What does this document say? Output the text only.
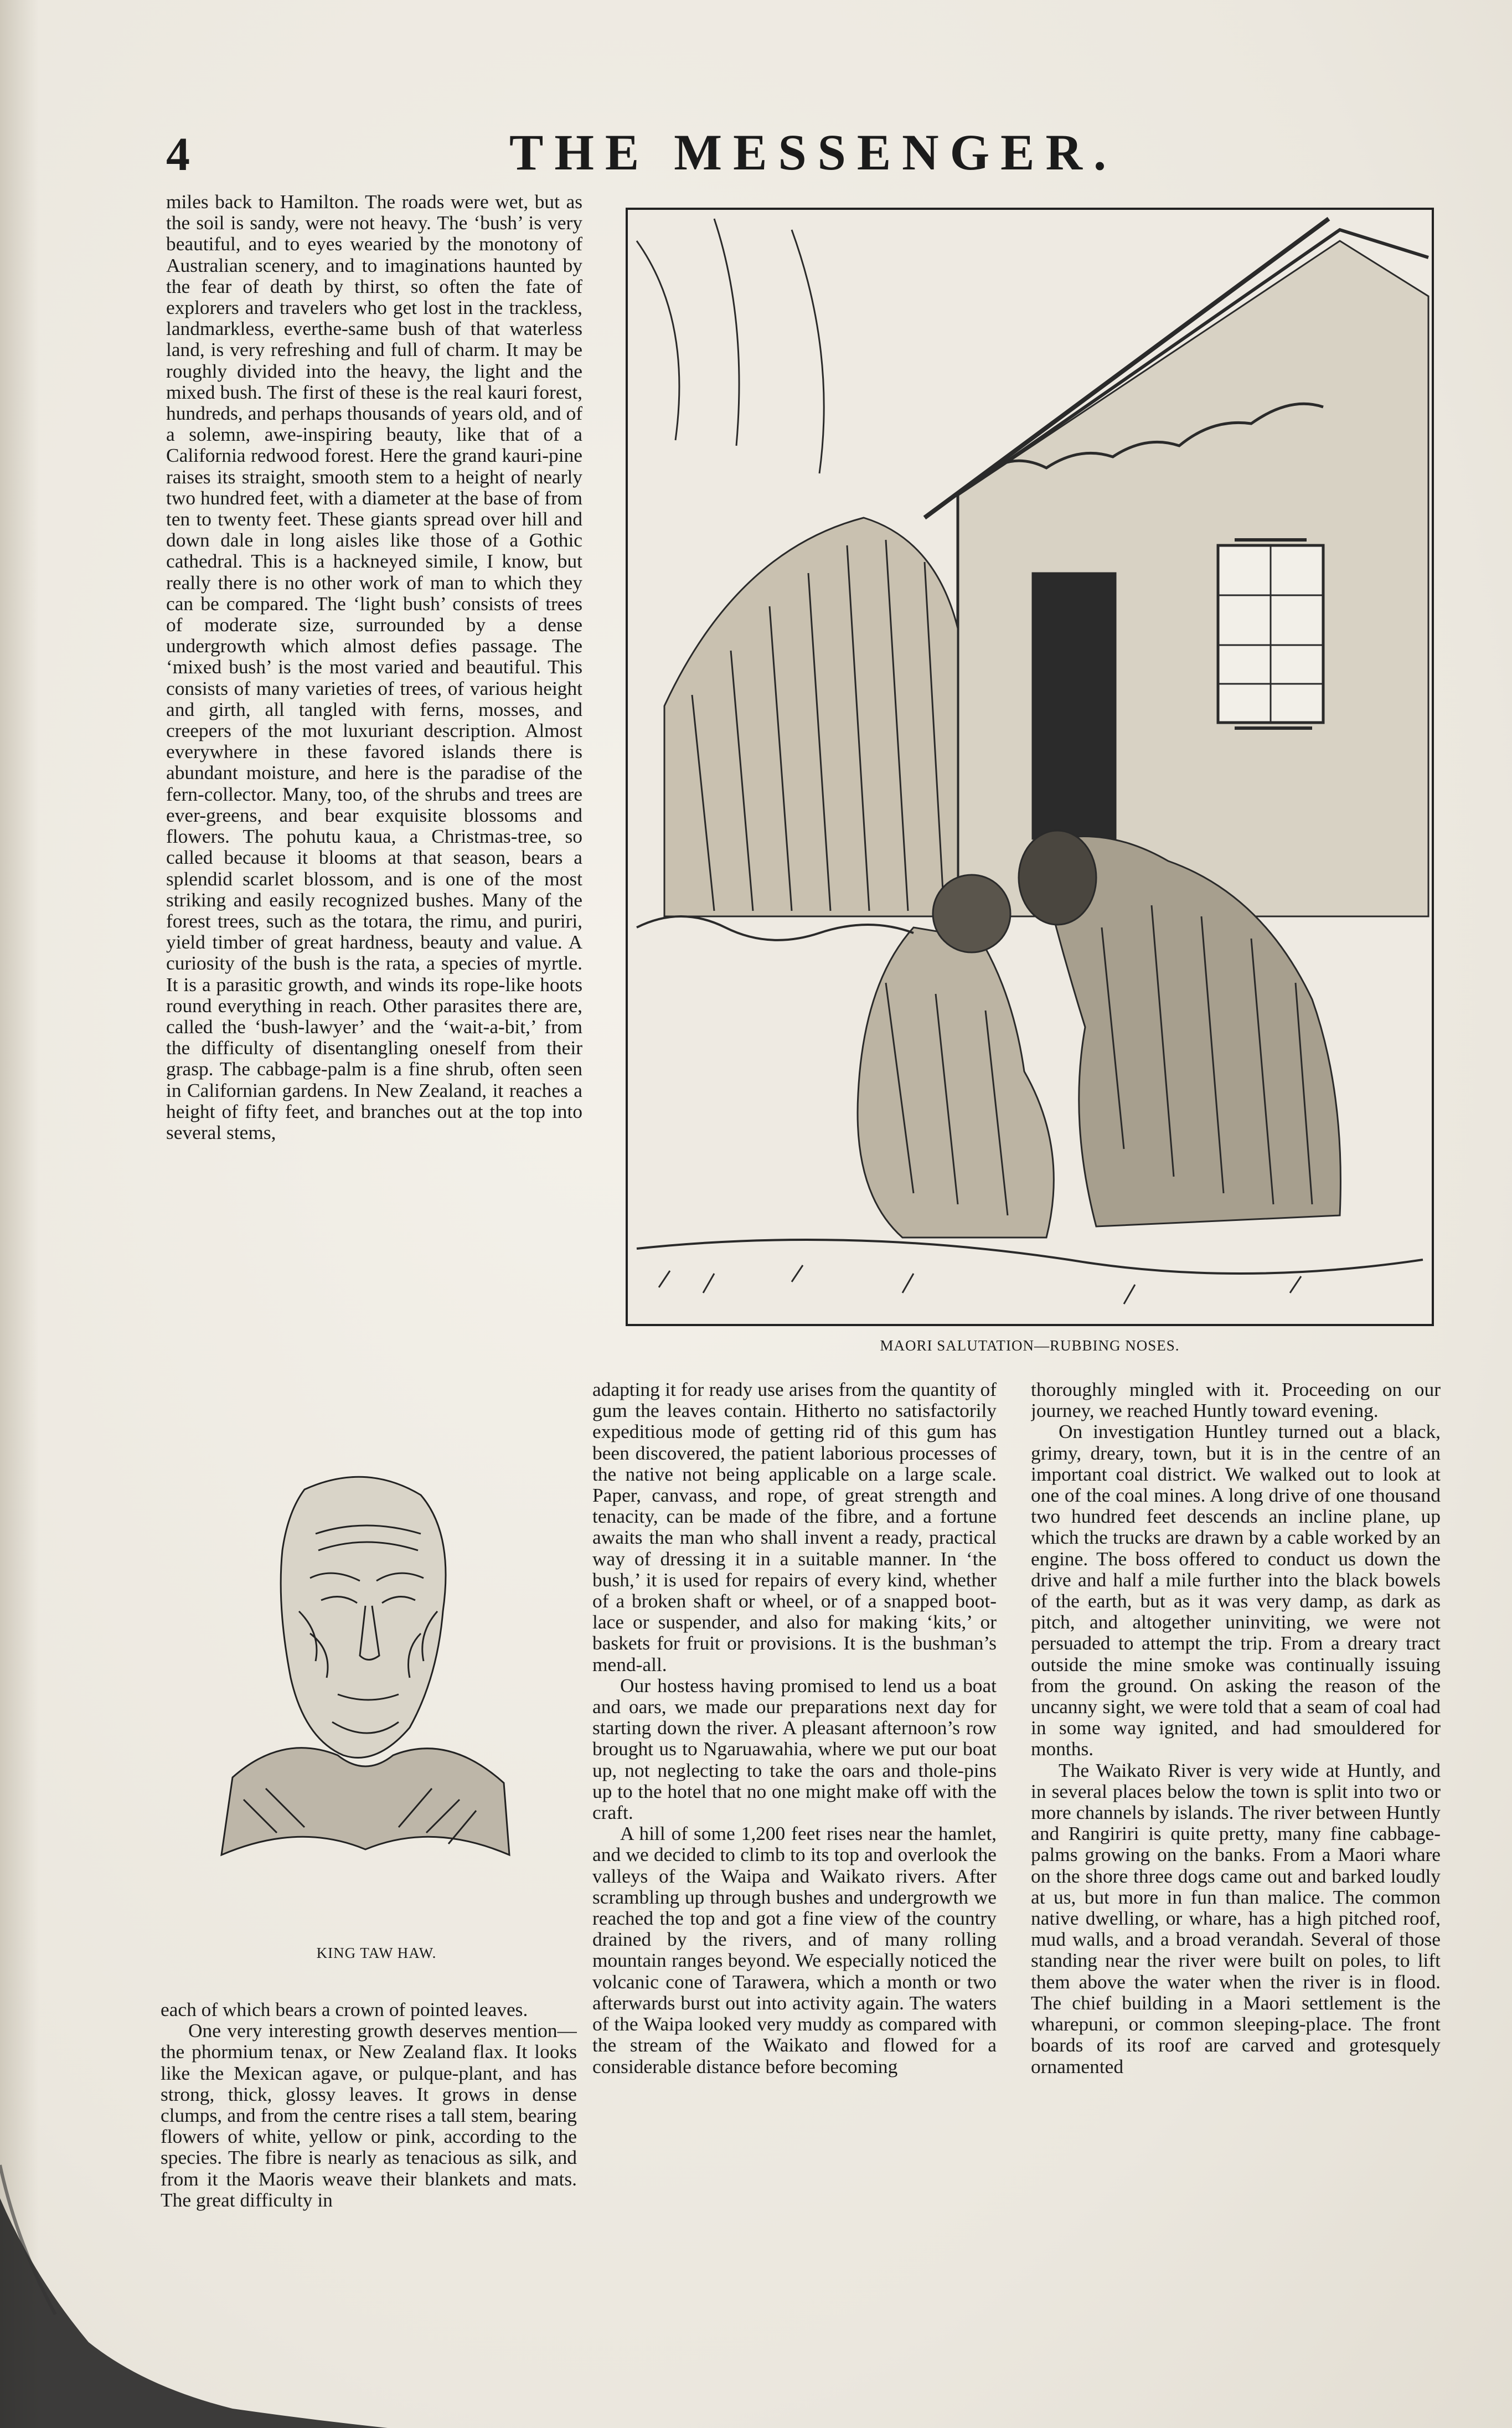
4	THE MESSENGER.

miles back to Hamilton. The roads were wet, but as the soil is sandy, were not heavy. The ‘bush’ is very beautiful, and to eyes wearied by the monotony of Australian scenery, and to imaginations haunted by the fear of death by thirst, so often the fate of explorers and travelers who get lost in the trackless, landmarkless, everthe-same bush of that waterless land, is very refreshing and full of charm. It may be roughly divided into the heavy, the light and the mixed bush. The first of these is the real kauri forest, hundreds, and perhaps thousands of years old, and of a solemn, awe-inspiring beauty, like that of a California redwood forest. Here the grand kauri-pine raises its straight, smooth stem to a height of nearly two hundred feet, with a diameter at the base of from ten to twenty feet. These giants spread over hill and down dale in long aisles like those of a Gothic cathedral. This is a hackneyed simile, I know, but really there is no other work of man to which they can be compared. The ‘light bush’ consists of trees of moderate size, surrounded by a dense undergrowth which almost defies passage. The ‘mixed bush’ is the most varied and beautiful. This consists of many varieties of trees, of various height and girth, all tangled with ferns, mosses, and creepers of the mot luxuriant description. Almost everywhere in these favored islands there is abundant moisture, and here is the paradise of the fern-collector. Many, too, of the shrubs and trees are ever-greens, and bear exquisite blossoms and flowers. The pohutu kaua, a Christmas-tree, so called because it blooms at that season, bears a splendid scarlet blossom, and is one of the most striking and easily recognized bushes. Many of the forest trees, such as the totara, the rimu, and puriri, yield timber of great hardness, beauty and value. A curiosity of the bush is the rata, a species of myrtle. It is a parasitic growth, and winds its rope-like hoots round everything in reach. Other parasites there are, called the ‘bush-lawyer’ and the ‘wait-a-bit,’ from the difficulty of disentangling oneself from their grasp. The cabbage-palm is a fine shrub, often seen in Californian gardens. In New Zealand, it reaches a height of fifty feet, and branches out at the top into several stems,

KING TAW HAW.

each of which bears a crown of pointed leaves.

One very interesting growth deserves mention—the phormium tenax, or New Zealand flax. It looks like the Mexican agave, or pulque-plant, and has strong, thick, glossy leaves. It grows in dense clumps, and from the centre rises a tall stem, bearing flowers of white, yellow or pink, according to the species. The fibre is nearly as tenacious as silk, and from it the Maoris weave their blankets and mats. The great difficulty in

MAORI SALUTATION—RUBBING NOSES.

adapting it for ready use arises from the quantity of gum the leaves contain. Hitherto no satisfactorily expeditious mode of getting rid of this gum has been discovered, the patient laborious processes of the native not being applicable on a large scale. Paper, canvass, and rope, of great strength and tenacity, can be made of the fibre, and a fortune awaits the man who shall invent a ready, practical way of dressing it in a suitable manner. In ‘the bush,’ it is used for repairs of every kind, whether of a broken shaft or wheel, or of a snapped boot-lace or suspender, and also for making ‘kits,’ or baskets for fruit or provisions. It is the bushman’s mend-all.

Our hostess having promised to lend us a boat and oars, we made our preparations next day for starting down the river. A pleasant afternoon’s row brought us to Ngaruawahia, where we put our boat up, not neglecting to take the oars and thole-pins up to the hotel that no one might make off with the craft.

A hill of some 1,200 feet rises near the hamlet, and we decided to climb to its top and overlook the valleys of the Waipa and Waikato rivers. After scrambling up through bushes and undergrowth we reached the top and got a fine view of the country drained by the rivers, and of many rolling mountain ranges beyond. We especially noticed the volcanic cone of Tarawera, which a month or two afterwards burst out into activity again. The waters of the Waipa looked very muddy as compared with the stream of the Waikato and flowed for a considerable distance before becoming

thoroughly mingled with it. Proceeding on our journey, we reached Huntly toward evening.

On investigation Huntley turned out a black, grimy, dreary, town, but it is in the centre of an important coal district. We walked out to look at one of the coal mines. A long drive of one thousand two hundred feet descends an incline plane, up which the trucks are drawn by a cable worked by an engine. The boss offered to conduct us down the drive and half a mile further into the black bowels of the earth, but as it was very damp, as dark as pitch, and altogether uninviting, we were not persuaded to attempt the trip. From a dreary tract outside the mine smoke was continually issuing from the ground. On asking the reason of the uncanny sight, we were told that a seam of coal had in some way ignited, and had smouldered for months.

The Waikato River is very wide at Huntly, and in several places below the town is split into two or more channels by islands. The river between Huntly and Rangiriri is quite pretty, many fine cabbage-palms growing on the banks. From a Maori whare on the shore three dogs came out and barked loudly at us, but more in fun than malice. The common native dwelling, or whare, has a high pitched roof, mud walls, and a broad verandah. Several of those standing near the river were built on poles, to lift them above the water when the river is in flood. The chief building in a Maori settlement is the wharepuni, or common sleeping-place. The front boards of its roof are carved and grotesquely ornamented
